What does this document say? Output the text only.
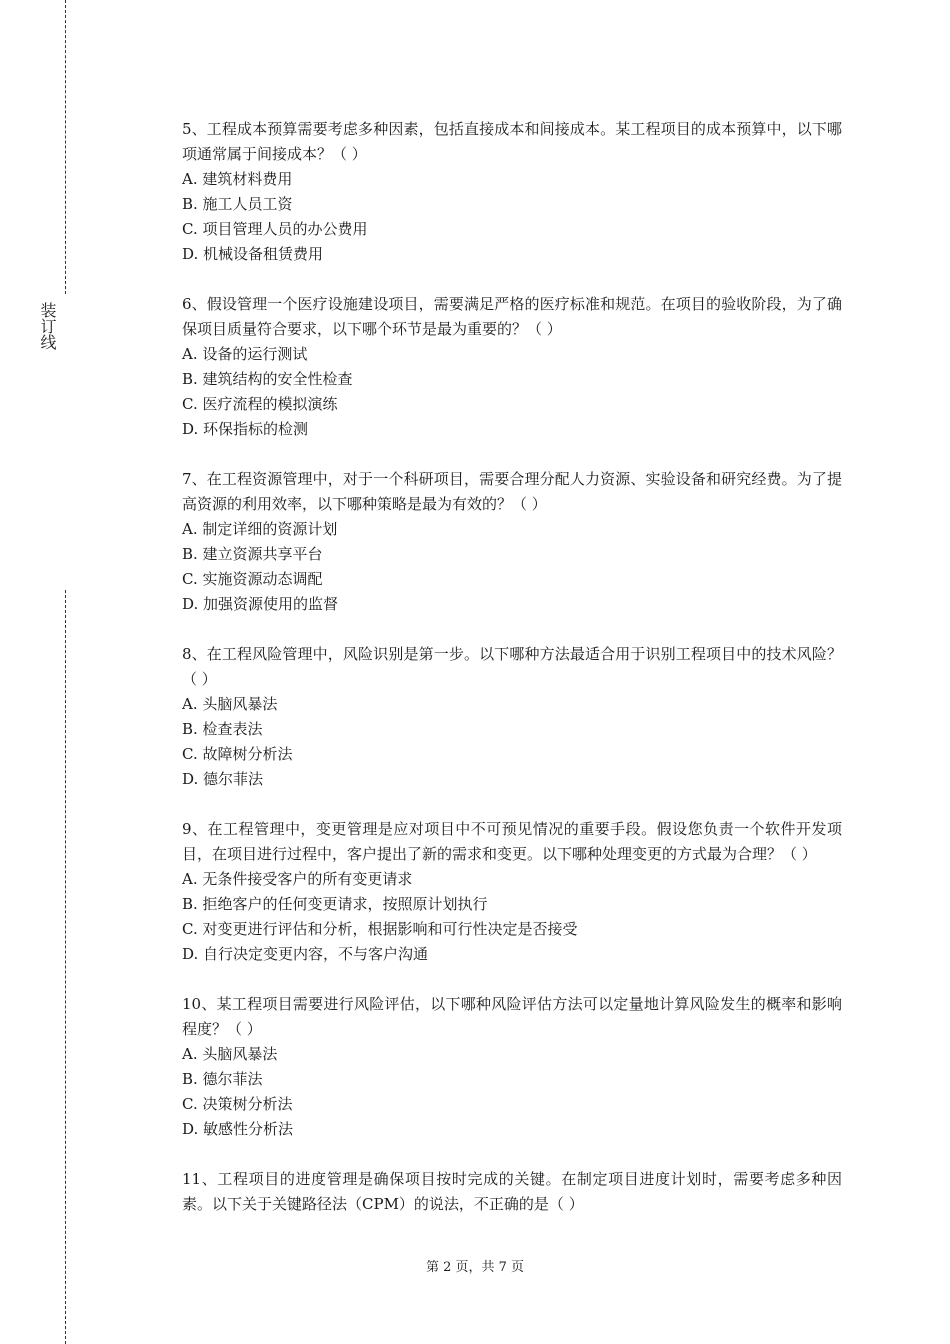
装订线
5、工程成本预算需要考虑多种因素，包括直接成本和间接成本。某工程项目的成本预算中，以下哪项通常属于间接成本？（ ）
A. 建筑材料费用
B. 施工人员工资
C. 项目管理人员的办公费用
D. 机械设备租赁费用
6、假设管理一个医疗设施建设项目，需要满足严格的医疗标准和规范。在项目的验收阶段，为了确保项目质量符合要求，以下哪个环节是最为重要的？（ ）
A. 设备的运行测试
B. 建筑结构的安全性检查
C. 医疗流程的模拟演练
D. 环保指标的检测
7、在工程资源管理中，对于一个科研项目，需要合理分配人力资源、实验设备和研究经费。为了提高资源的利用效率，以下哪种策略是最为有效的？（ ）
A. 制定详细的资源计划
B. 建立资源共享平台
C. 实施资源动态调配
D. 加强资源使用的监督
8、在工程风险管理中，风险识别是第一步。以下哪种方法最适合用于识别工程项目中的技术风险？（ ）
A. 头脑风暴法
B. 检查表法
C. 故障树分析法
D. 德尔菲法
9、在工程管理中，变更管理是应对项目中不可预见情况的重要手段。假设您负责一个软件开发项目，在项目进行过程中，客户提出了新的需求和变更。以下哪种处理变更的方式最为合理？（ ）
A. 无条件接受客户的所有变更请求
B. 拒绝客户的任何变更请求，按照原计划执行
C. 对变更进行评估和分析，根据影响和可行性决定是否接受
D. 自行决定变更内容，不与客户沟通
10、某工程项目需要进行风险评估，以下哪种风险评估方法可以定量地计算风险发生的概率和影响程度？（ ）
A. 头脑风暴法
B. 德尔菲法
C. 决策树分析法
D. 敏感性分析法
11、工程项目的进度管理是确保项目按时完成的关键。在制定项目进度计划时，需要考虑多种因素。以下关于关键路径法（CPM）的说法，不正确的是（ ）
第 2 页，共 7 页
